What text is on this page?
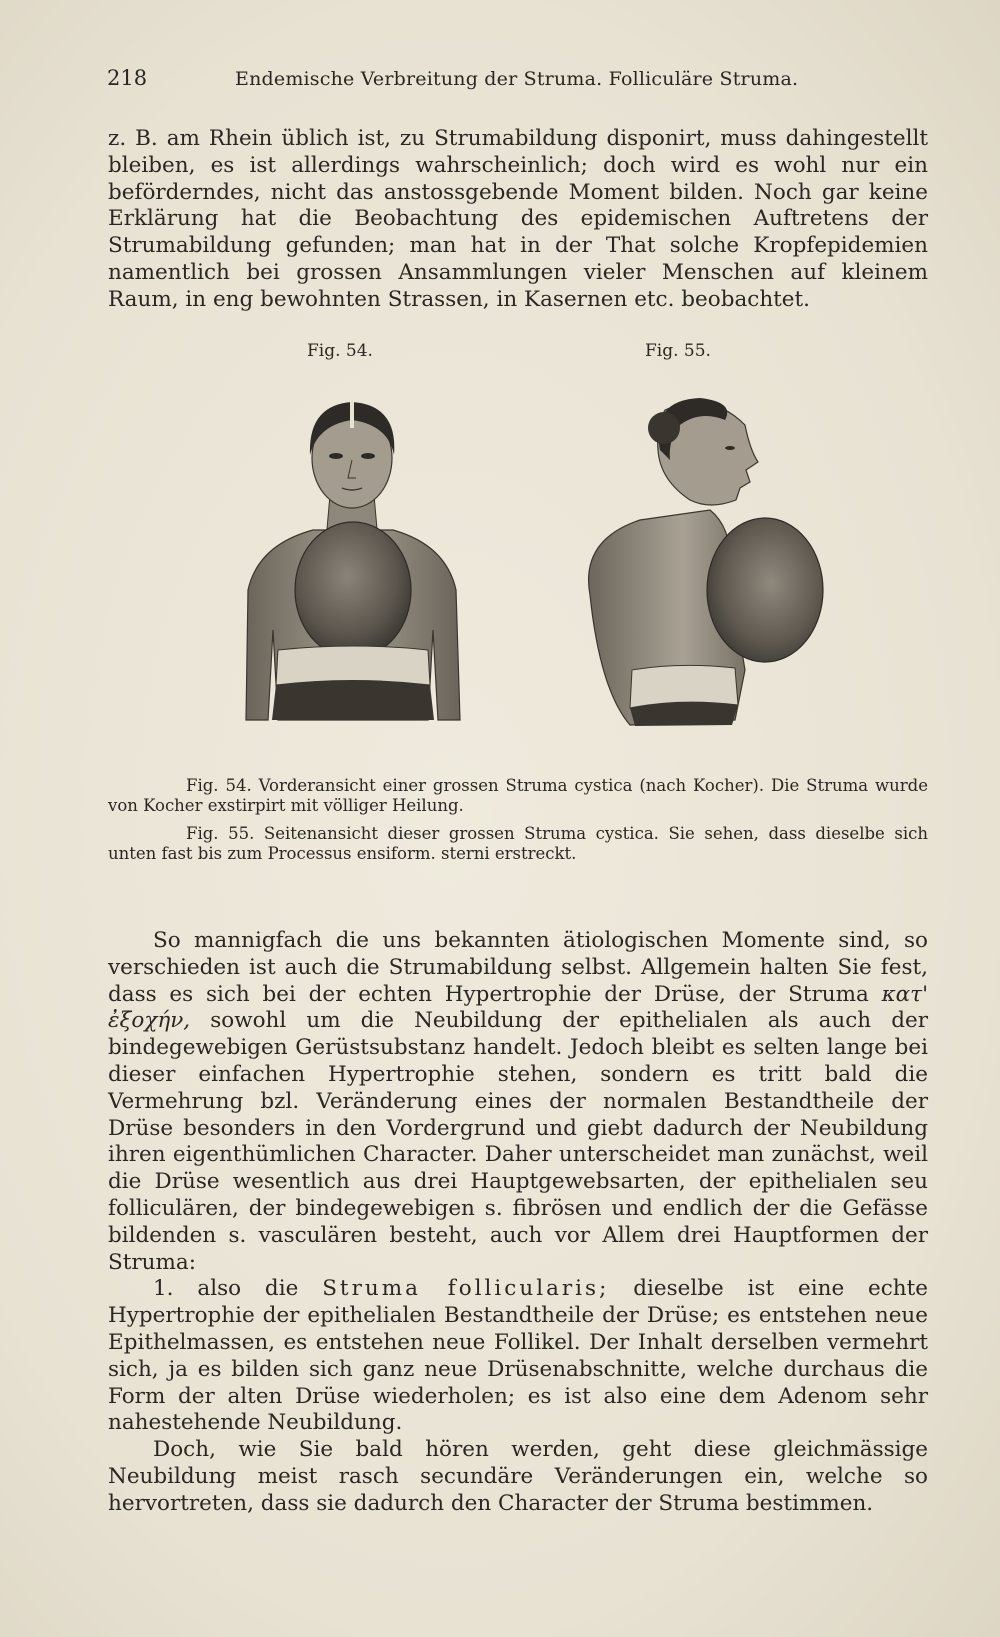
218	Endemische Verbreitung der Struma. Folliculäre Struma.

z. B. am Rhein üblich ist, zu Strumabildung disponirt, muss dahingestellt bleiben, es ist allerdings wahrscheinlich; doch wird es wohl nur ein beförderndes, nicht das anstossgebende Moment bilden. Noch gar keine Erklärung hat die Beobachtung des epidemischen Auftretens der Strumabildung gefunden; man hat in der That solche Kropfepidemien namentlich bei grossen Ansammlungen vieler Menschen auf kleinem Raum, in eng bewohnten Strassen, in Kasernen etc. beobachtet.

Fig. 54.	Fig. 55.

Fig. 54. Vorderansicht einer grossen Struma cystica (nach Kocher). Die Struma wurde von Kocher exstirpirt mit völliger Heilung.

Fig. 55. Seitenansicht dieser grossen Struma cystica. Sie sehen, dass dieselbe sich unten fast bis zum Processus ensiform. sterni erstreckt.

So mannigfach die uns bekannten ätiologischen Momente sind, so verschieden ist auch die Strumabildung selbst. Allgemein halten Sie fest, dass es sich bei der echten Hypertrophie der Drüse, der Struma κατ' ἐξοχήν, sowohl um die Neubildung der epithelialen als auch der bindegewebigen Gerüstsubstanz handelt. Jedoch bleibt es selten lange bei dieser einfachen Hypertrophie stehen, sondern es tritt bald die Vermehrung bzl. Veränderung eines der normalen Bestandtheile der Drüse besonders in den Vordergrund und giebt dadurch der Neubildung ihren eigenthümlichen Character. Daher unterscheidet man zunächst, weil die Drüse wesentlich aus drei Hauptgewebsarten, der epithelialen seu folliculären, der bindegewebigen s. fibrösen und endlich der die Gefässe bildenden s. vasculären besteht, auch vor Allem drei Hauptformen der Struma:

1. also die Struma follicularis; dieselbe ist eine echte Hypertrophie der epithelialen Bestandtheile der Drüse; es entstehen neue Epithelmassen, es entstehen neue Follikel. Der Inhalt derselben vermehrt sich, ja es bilden sich ganz neue Drüsenabschnitte, welche durchaus die Form der alten Drüse wiederholen; es ist also eine dem Adenom sehr nahestehende Neubildung.

Doch, wie Sie bald hören werden, geht diese gleichmässige Neubildung meist rasch secundäre Veränderungen ein, welche so hervortreten, dass sie dadurch den Character der Struma bestimmen.
